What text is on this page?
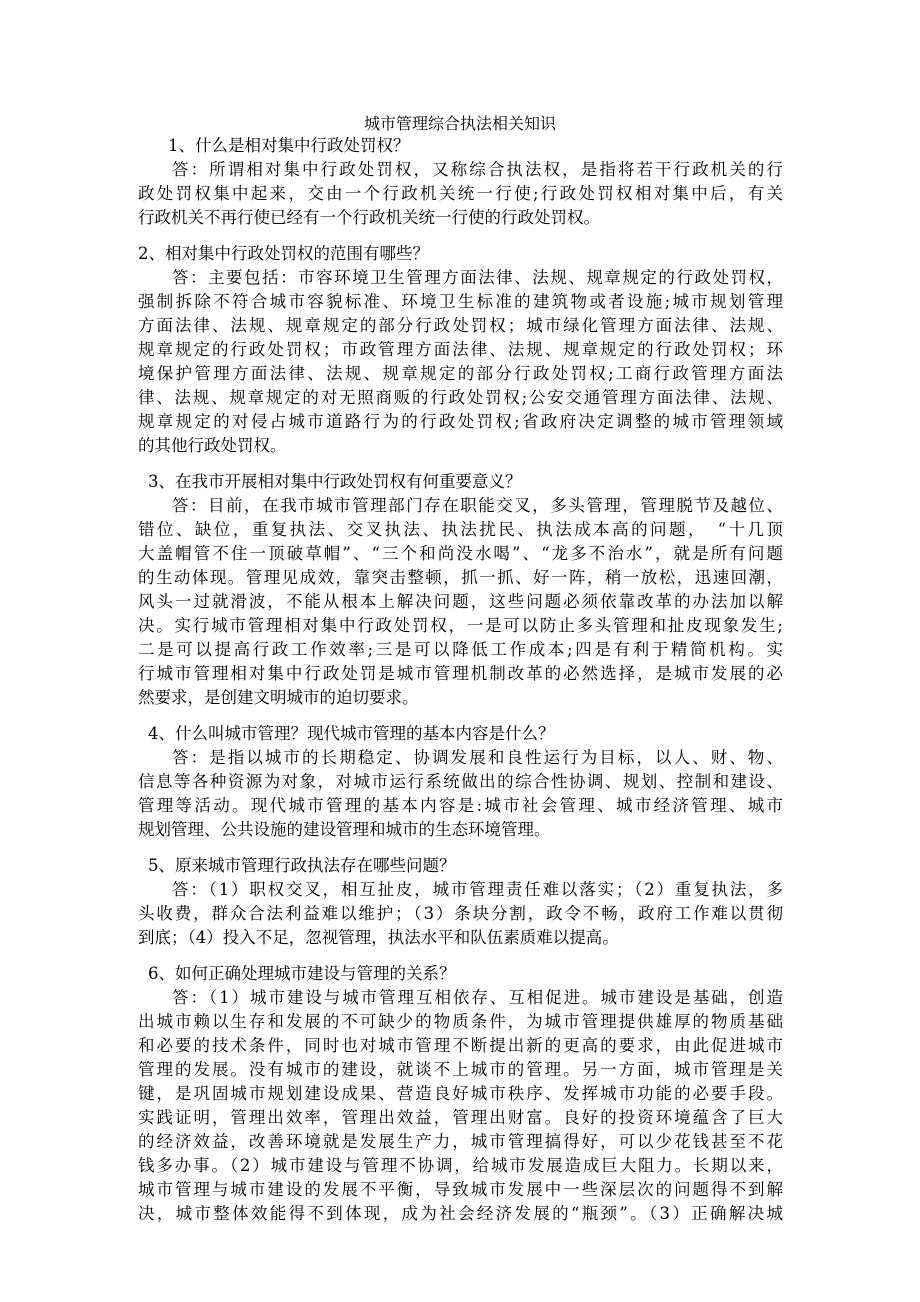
城市管理综合执法相关知识
1、什么是相对集中行政处罚权？
答：所谓相对集中行政处罚权，又称综合执法权，是指将若干行政机关的行
政处罚权集中起来，交由一个行政机关统一行使;行政处罚权相对集中后，有关
行政机关不再行使已经有一个行政机关统一行使的行政处罚权。
2、相对集中行政处罚权的范围有哪些？
答：主要包括：市容环境卫生管理方面法律、法规、规章规定的行政处罚权，
强制拆除不符合城市容貌标准、环境卫生标准的建筑物或者设施;城市规划管理
方面法律、法规、规章规定的部分行政处罚权；城市绿化管理方面法律、法规、
规章规定的行政处罚权；市政管理方面法律、法规、规章规定的行政处罚权；环
境保护管理方面法律、法规、规章规定的部分行政处罚权;工商行政管理方面法
律、法规、规章规定的对无照商贩的行政处罚权;公安交通管理方面法律、法规、
规章规定的对侵占城市道路行为的行政处罚权;省政府决定调整的城市管理领域
的其他行政处罚权。
3、在我市开展相对集中行政处罚权有何重要意义？
答：目前，在我市城市管理部门存在职能交叉，多头管理，管理脱节及越位、
错位、缺位，重复执法、交叉执法、执法扰民、执法成本高的问题，　“十几顶
大盖帽管不住一顶破草帽”、“三个和尚没水喝”、“龙多不治水”，就是所有问题
的生动体现。管理见成效，靠突击整顿，抓一抓、好一阵，稍一放松，迅速回潮，
风头一过就滑波，不能从根本上解决问题，这些问题必须依靠改革的办法加以解
决。实行城市管理相对集中行政处罚权，一是可以防止多头管理和扯皮现象发生;
二是可以提高行政工作效率;三是可以降低工作成本;四是有利于精简机构。实
行城市管理相对集中行政处罚是城市管理机制改革的必然选择，是城市发展的必
然要求，是创建文明城市的迫切要求。
4、什么叫城市管理？现代城市管理的基本内容是什么？
答：是指以城市的长期稳定、协调发展和良性运行为目标，以人、财、物、
信息等各种资源为对象，对城市运行系统做出的综合性协调、规划、控制和建设、
管理等活动。现代城市管理的基本内容是:城市社会管理、城市经济管理、城市
规划管理、公共设施的建设管理和城市的生态环境管理。
5、原来城市管理行政执法存在哪些问题？
答：（1）职权交叉，相互扯皮，城市管理责任难以落实；（2）重复执法，多
头收费，群众合法利益难以维护；（3）条块分割，政令不畅，政府工作难以贯彻
到底；（4）投入不足，忽视管理，执法水平和队伍素质难以提高。
6、如何正确处理城市建设与管理的关系？
答：（1）城市建设与城市管理互相依存、互相促进。城市建设是基础，创造
出城市赖以生存和发展的不可缺少的物质条件，为城市管理提供雄厚的物质基础
和必要的技术条件，同时也对城市管理不断提出新的更高的要求，由此促进城市
管理的发展。没有城市的建设，就谈不上城市的管理。另一方面，城市管理是关
键，是巩固城市规划建设成果、营造良好城市秩序、发挥城市功能的必要手段。
实践证明，管理出效率，管理出效益，管理出财富。良好的投资环境蕴含了巨大
的经济效益，改善环境就是发展生产力，城市管理搞得好，可以少花钱甚至不花
钱多办事。（2）城市建设与管理不协调，给城市发展造成巨大阻力。长期以来，
城市管理与城市建设的发展不平衡，导致城市发展中一些深层次的问题得不到解
决，城市整体效能得不到体现，成为社会经济发展的“瓶颈”。（3）正确解决城
